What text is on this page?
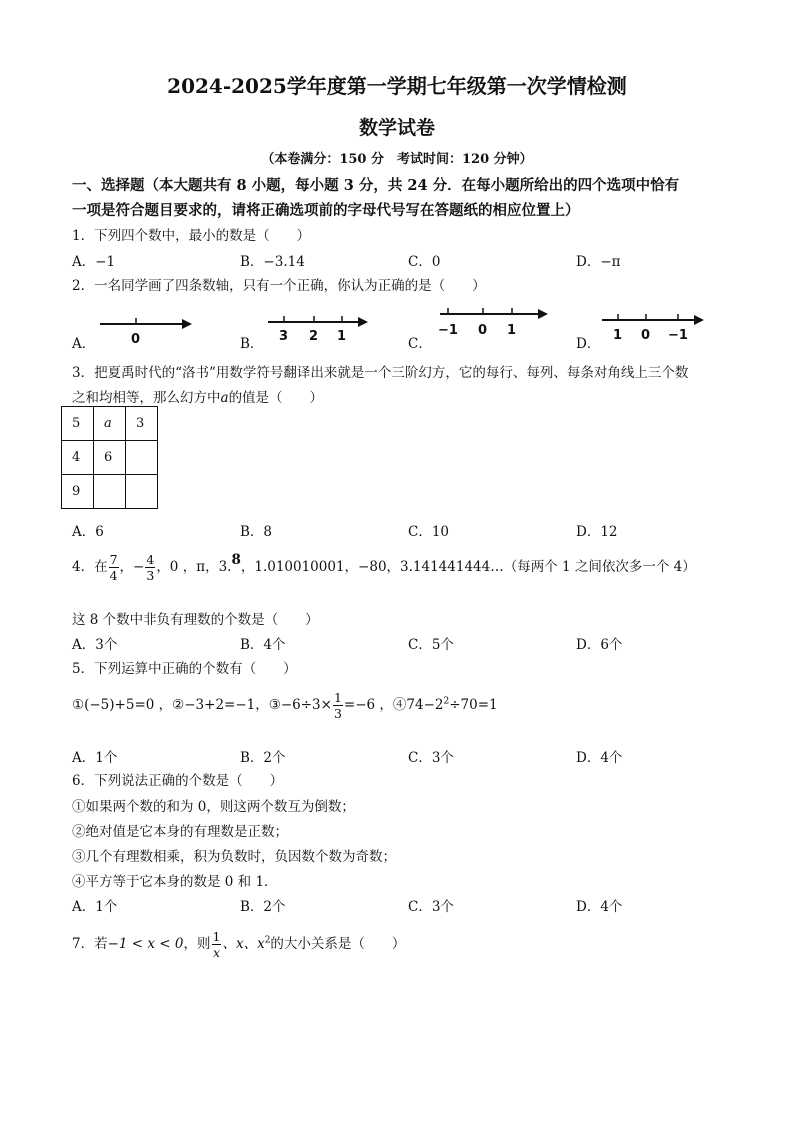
2024-2025学年度第一学期七年级第一次学情检测
数学试卷
（本卷满分：150 分　考试时间：120 分钟）
一、选择题（本大题共有 8 小题，每小题 3 分，共 24 分．在每小题所给出的四个选项中恰有
一项是符合题目要求的，请将正确选项前的字母代号写在答题纸的相应位置上）
1．下列四个数中，最小的数是（　　）
A．−1	B．−3.14	C．0	D．−π
2．一名同学画了四条数轴，只有一个正确，你认为正确的是（　　）
A．	0	B． 3 2 1	C．
−1 0 1
D．
1 0 −1
3．把夏禹时代的“洛书”用数学符号翻译出来就是一个三阶幻方，它的每行、每列、每条对角线上三个数
之和均相等，那么幻方中a的值是（　　）
5	a	3
4	6	
9		
A．6	B．8	C．10	D．12
4．在 $\frac{7}{4}$ ，− $\frac{4}{3}$ ，0 ，π，3.8，1.010010001，−80，3.141441444…（每两个 1 之间依次多一个 4）
这 8 个数中非负有理数的个数是（　　）
A．3个	B．4个	C．5个	D．6个
5．下列运算中正确的个数有（　　）
①(−5)+5=0 ，②−3+2=−1，③−6÷3× $\frac{1}{3} =-6$ ，$④74-2^2\div 70=1$
A．1个	B．2个	C．3个	D．4个
6．下列说法正确的个数是（　　）
①如果两个数的和为 0，则这两个数互为倒数；
②绝对值是它本身的有理数是正数；
③几个有理数相乘，积为负数时，负因数个数为奇数；
④平方等于它本身的数是 0 和 1．
A．1个	B．2个	C．3个	D．4个
7．若−1 < x < 0，则 $\frac{1}{x}$ 、x、$x^2$的大小关系是（　　）
